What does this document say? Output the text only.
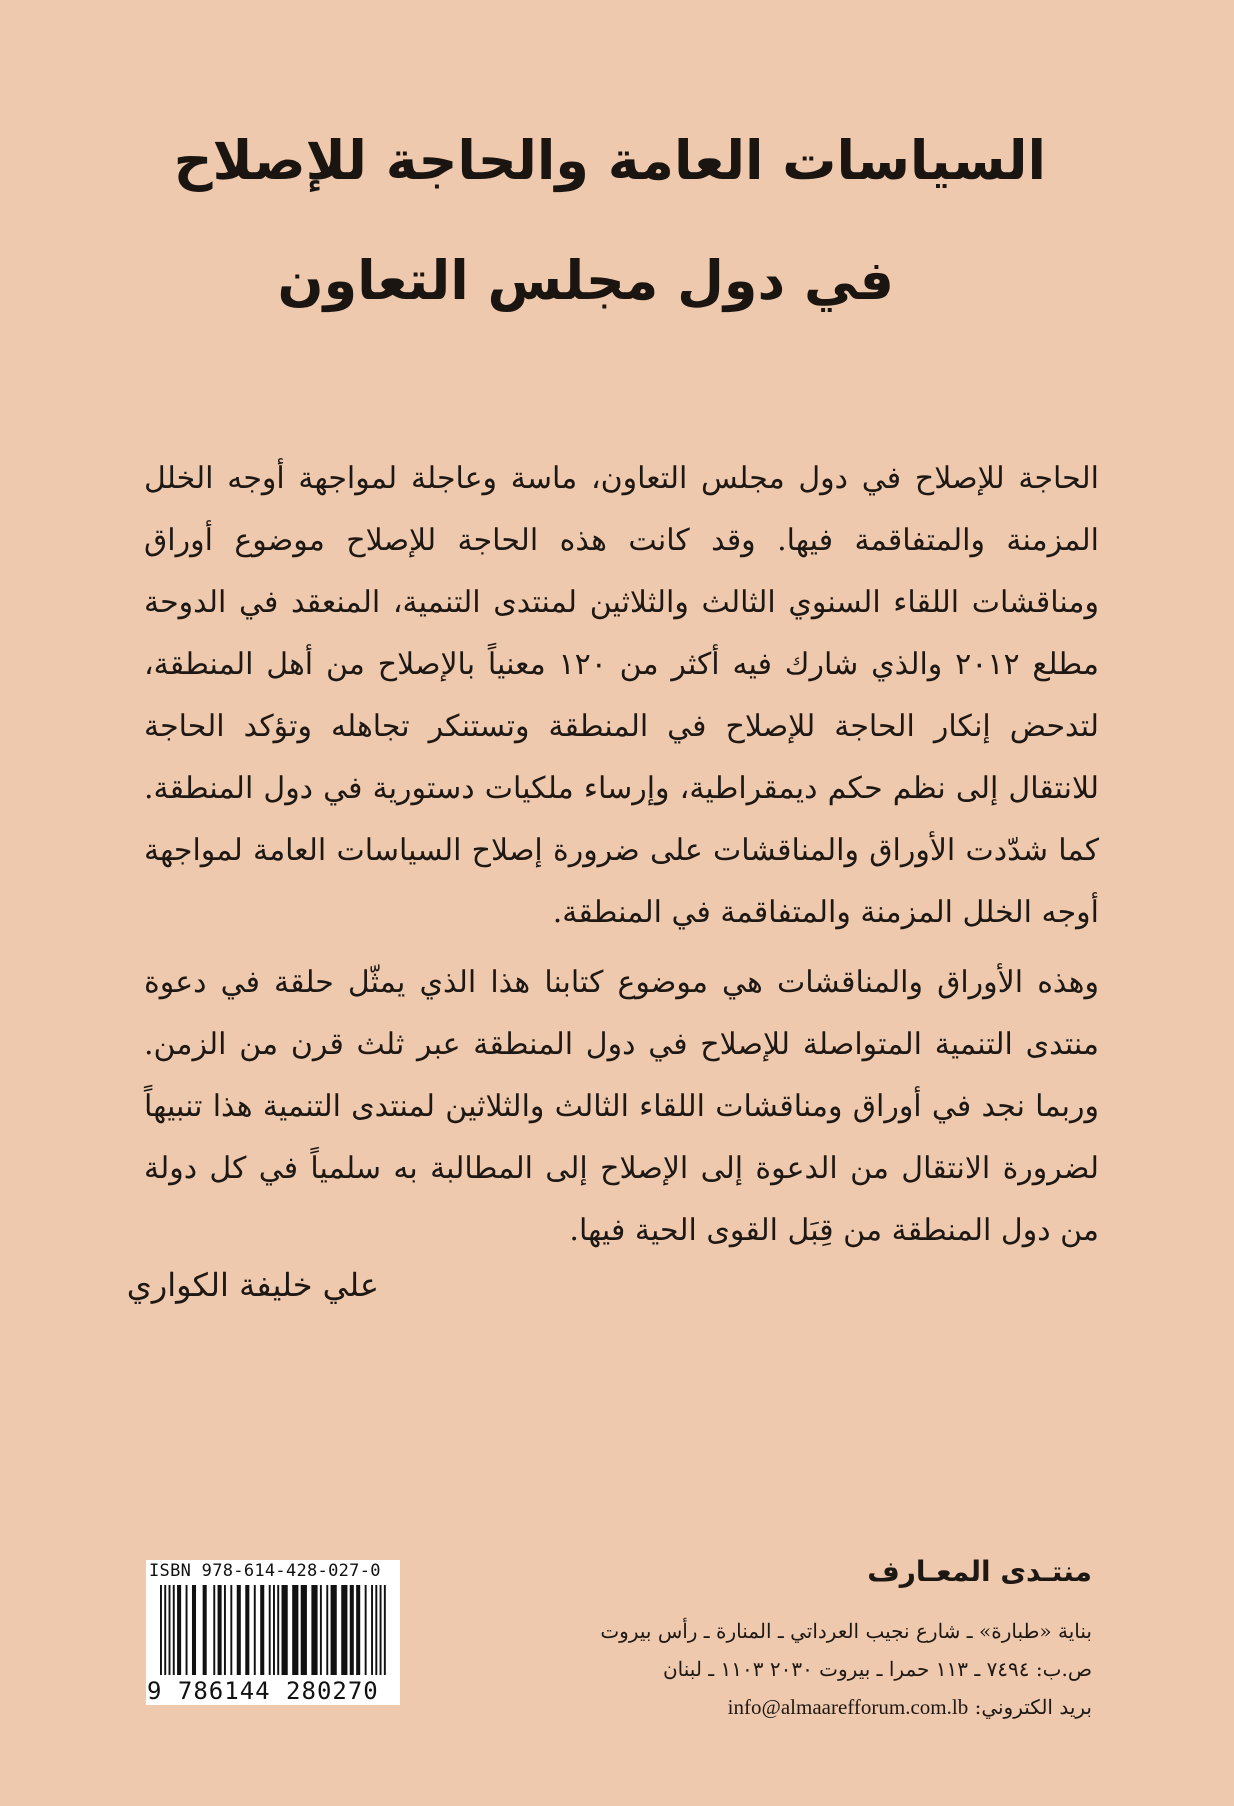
السياسات العامة والحاجة للإصلاح
في دول مجلس التعاون

الحاجة للإصلاح في دول مجلس التعاون، ماسة وعاجلة لمواجهة أوجه الخلل المزمنة والمتفاقمة فيها. وقد كانت هذه الحاجة للإصلاح موضوع أوراق ومناقشات اللقاء السنوي الثالث والثلاثين لمنتدى التنمية، المنعقد في الدوحة مطلع ٢٠١٢ والذي شارك فيه أكثر من ١٢٠ معنياً بالإصلاح من أهل المنطقة، لتدحض إنكار الحاجة للإصلاح في المنطقة وتستنكر تجاهله وتؤكد الحاجة للانتقال إلى نظم حكم ديمقراطية، وإرساء ملكيات دستورية في دول المنطقة. كما شدّدت الأوراق والمناقشات على ضرورة إصلاح السياسات العامة لمواجهة أوجه الخلل المزمنة والمتفاقمة في المنطقة.

وهذه الأوراق والمناقشات هي موضوع كتابنا هذا الذي يمثّل حلقة في دعوة منتدى التنمية المتواصلة للإصلاح في دول المنطقة عبر ثلث قرن من الزمن. وربما نجد في أوراق ومناقشات اللقاء الثالث والثلاثين لمنتدى التنمية هذا تنبيهاً لضرورة الانتقال من الدعوة إلى الإصلاح إلى المطالبة به سلمياً في كل دولة من دول المنطقة من قِبَل القوى الحية فيها.

علي خليفة الكواري

منتـدى المعـارف

بناية «طبارة» ـ شارع نجيب العرداتي ـ المنارة ـ رأس بيروت

ص.ب: ٧٤٩٤ ـ ١١٣ حمرا ـ بيروت ٢٠٣٠ ١١٠٣ ـ لبنان

بريد الكتروني: info@almaarefforum.com.lb

ISBN 978-614-428-027-0
9 786144 280270
